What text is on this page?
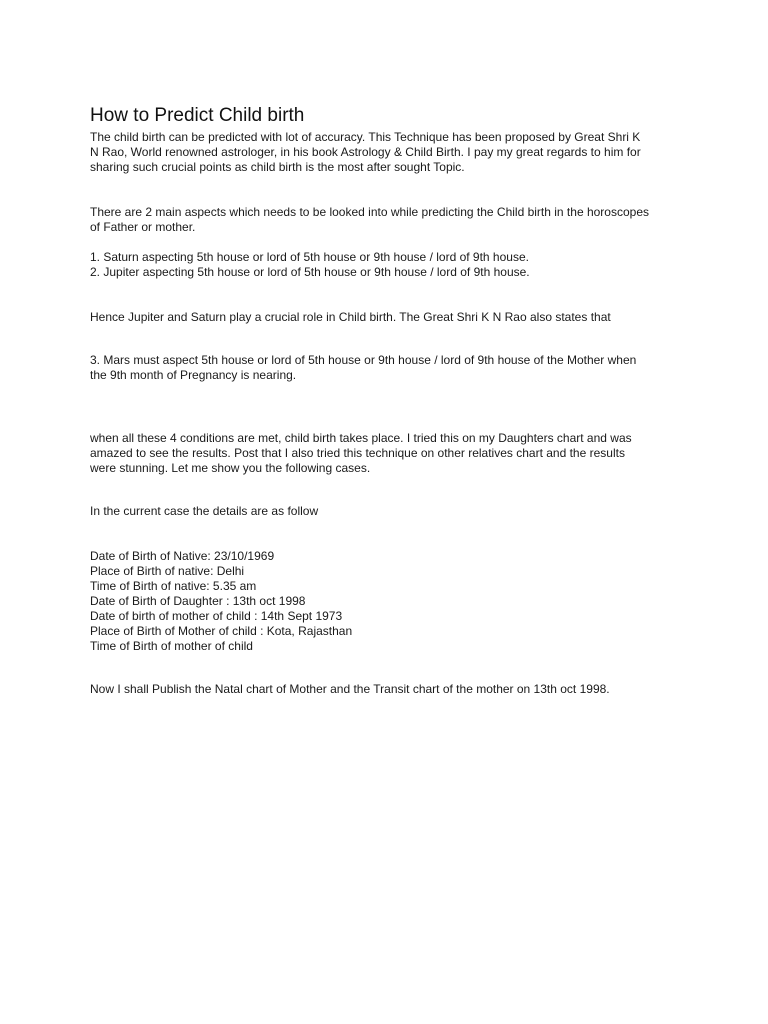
How to Predict Child birth

The child birth can be predicted with lot of accuracy. This Technique has been proposed by Great Shri K
N Rao, World renowned astrologer, in his book Astrology & Child Birth. I pay my great regards to him for
sharing such crucial points as child birth is the most after sought Topic.

There are 2 main aspects which needs to be looked into while predicting the Child birth in the horoscopes
of Father or mother.

1. Saturn aspecting 5th house or lord of 5th house or 9th house / lord of 9th house.

2. Jupiter aspecting 5th house or lord of 5th house or 9th house / lord of 9th house.

Hence Jupiter and Saturn play a crucial role in Child birth. The Great Shri K N Rao also states that

3. Mars must aspect 5th house or lord of 5th house or 9th house / lord of 9th house of the Mother when
the 9th month of Pregnancy is nearing.

when all these 4 conditions are met, child birth takes place. I tried this on my Daughters chart and was
amazed to see the results. Post that I also tried this technique on other relatives chart and the results
were stunning. Let me show you the following cases.

In the current case the details are as follow

Date of Birth of Native: 23/10/1969

Place of Birth of native: Delhi

Time of Birth of native: 5.35 am

Date of Birth of Daughter : 13th oct 1998

Date of birth of mother of child : 14th Sept 1973

Place of Birth of Mother of child : Kota, Rajasthan

Time of Birth of mother of child

Now I shall Publish the Natal chart of Mother and the Transit chart of the mother on 13th oct 1998.
